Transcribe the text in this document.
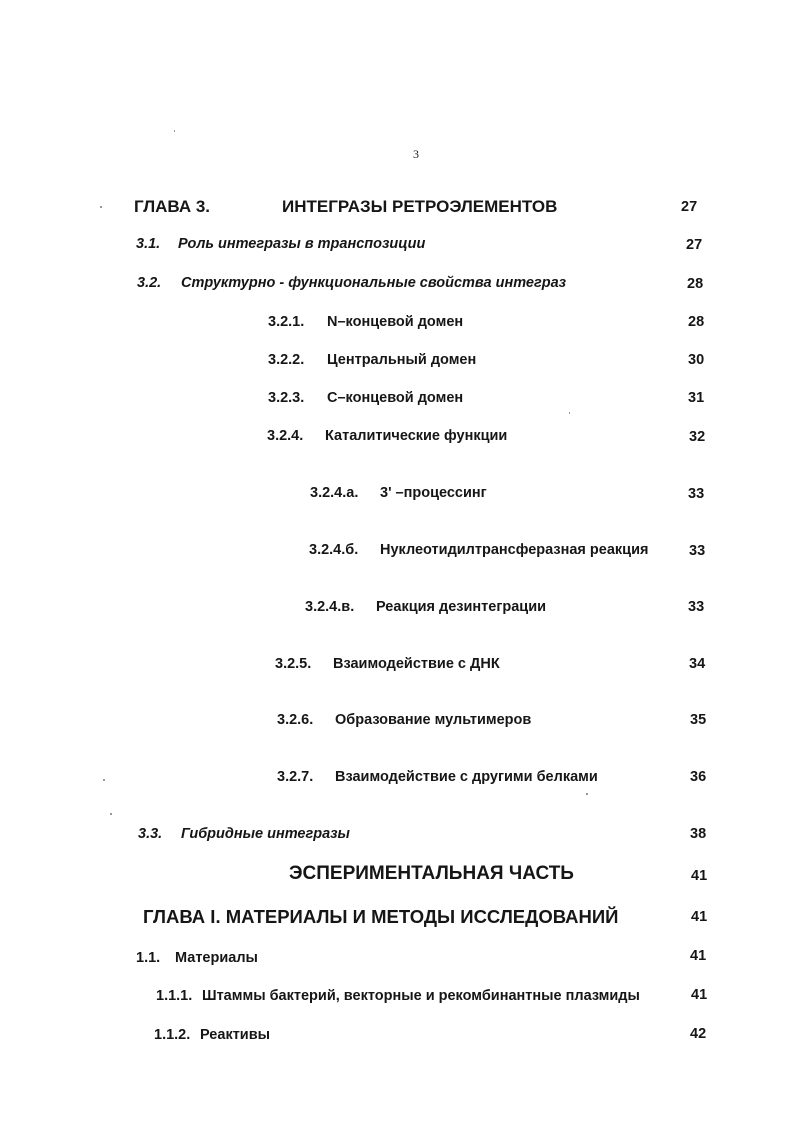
3
ГЛАВА 3.	ИНТЕГРАЗЫ РЕТРОЭЛЕМЕНТОВ	27
3.1. Роль интегразы в транспозиции	27
3.2. Структурно - функциональные свойства интеграз	28
3.2.1. N–концевой домен	28
3.2.2. Центральный домен	30
3.2.3. С–концевой домен	31
3.2.4. Каталитические функции	32
3.2.4.а. 3' –процессинг	33
3.2.4.б. Нуклеотидилтрансферазная реакция	33
3.2.4.в. Реакция дезинтеграции	33
3.2.5. Взаимодействие с ДНК	34
3.2.6. Образование мультимеров	35
3.2.7. Взаимодействие с другими белками	36
3.3. Гибридные интегразы	38
ЭСПЕРИМЕНТАЛЬНАЯ ЧАСТЬ	41
ГЛАВА I. МАТЕРИАЛЫ И МЕТОДЫ ИССЛЕДОВАНИЙ	41
1.1. Материалы	41
1.1.1. Штаммы бактерий, векторные и рекомбинантные плазмиды	41
1.1.2. Реактивы	42
